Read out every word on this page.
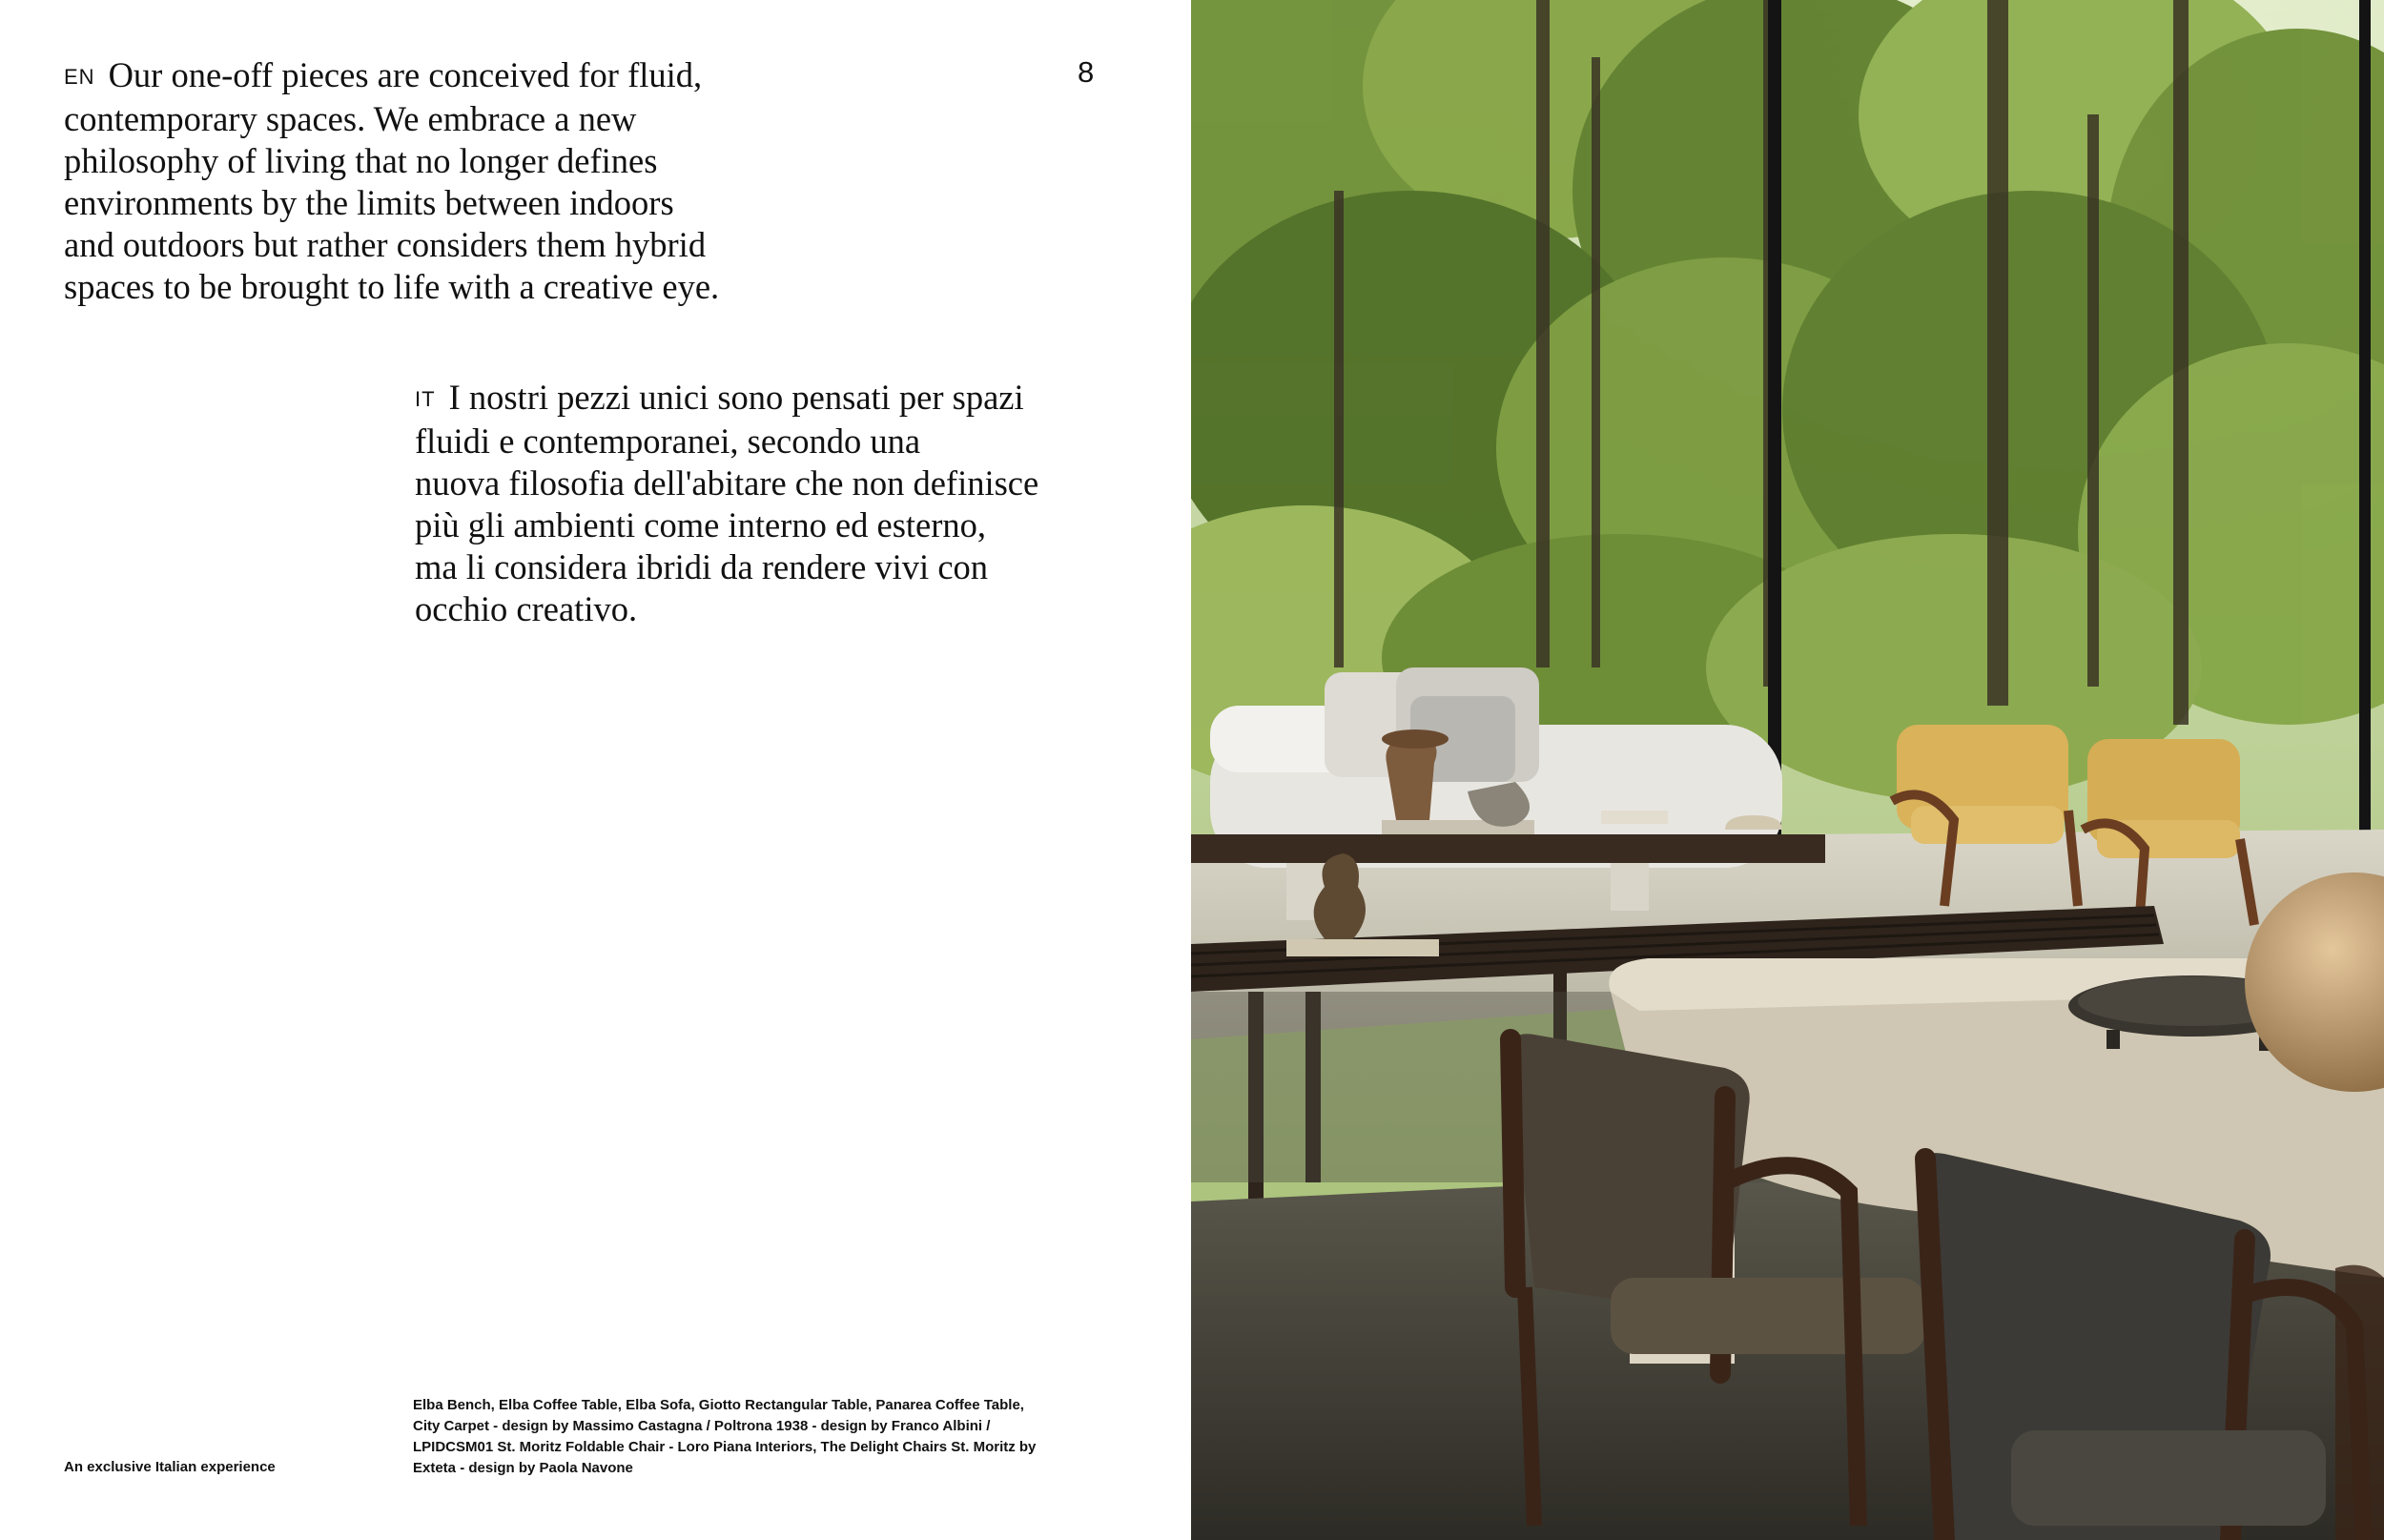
EN Our one-off pieces are conceived for fluid,
contemporary spaces. We embrace a new
philosophy of living that no longer defines
environments by the limits between indoors
and outdoors but rather considers them hybrid
spaces to be brought to life with a creative eye.

8

IT I nostri pezzi unici sono pensati per spazi
fluidi e contemporanei, secondo una
nuova filosofia dell'abitare che non definisce
più gli ambienti come interno ed esterno,
ma li considera ibridi da rendere vivi con
occhio creativo.

An exclusive Italian experience

Elba Bench, Elba Coffee Table, Elba Sofa, Giotto Rectangular Table, Panarea Coffee Table,
City Carpet - design by Massimo Castagna / Poltrona 1938 - design by Franco Albini /
LPIDCSM01 St. Moritz Foldable Chair - Loro Piana Interiors, The Delight Chairs St. Moritz by
Exteta - design by Paola Navone
